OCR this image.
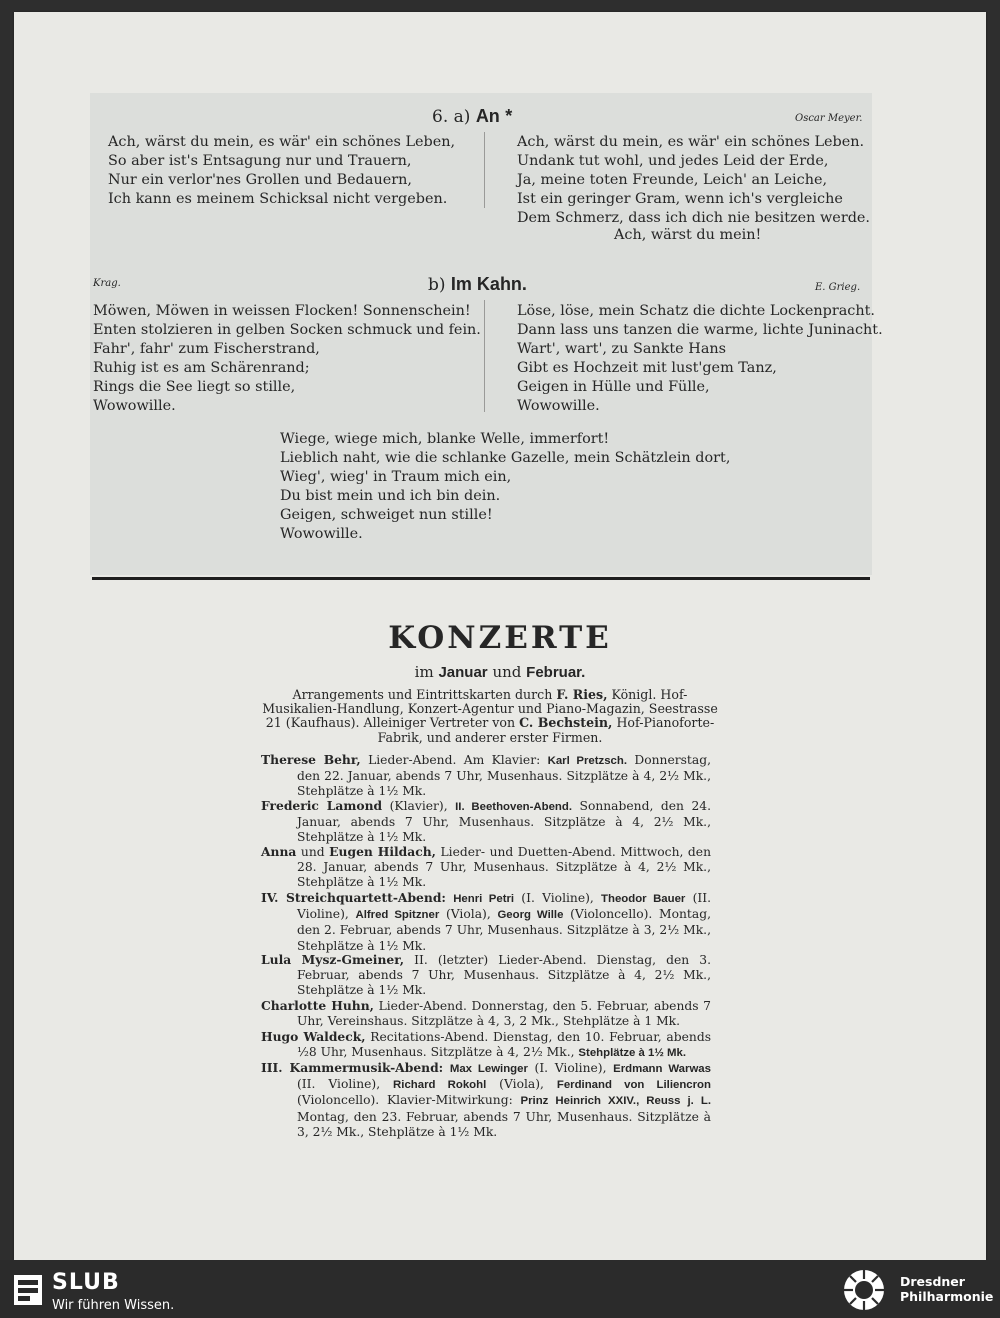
6. a) An *	Oscar Meyer.
Ach, wärst du mein, es wär' ein schönes Leben,
So aber ist's Entsagung nur und Trauern,
Nur ein verlor'nes Grollen und Bedauern,
Ich kann es meinem Schicksal nicht vergeben.
Ach, wärst du mein, es wär' ein schönes Leben.
Undank tut wohl, und jedes Leid der Erde,
Ja, meine toten Freunde, Leich' an Leiche,
Ist ein geringer Gram, wenn ich's vergleiche
Dem Schmerz, dass ich dich nie besitzen werde.
Ach, wärst du mein!
Krag.	b) Im Kahn.	E. Grieg.
Möwen, Möwen in weissen Flocken! Sonnenschein!
Enten stolzieren in gelben Socken schmuck und fein.
Fahr', fahr' zum Fischerstrand,
Ruhig ist es am Schärenrand;
Rings die See liegt so stille,
Wowowille.
Löse, löse, mein Schatz die dichte Lockenpracht.
Dann lass uns tanzen die warme, lichte Juninacht.
Wart', wart', zu Sankte Hans
Gibt es Hochzeit mit lust'gem Tanz,
Geigen in Hülle und Fülle,
Wowowille.
Wiege, wiege mich, blanke Welle, immerfort!
Lieblich naht, wie die schlanke Gazelle, mein Schätzlein dort,
Wieg', wieg' in Traum mich ein,
Du bist mein und ich bin dein.
Geigen, schweiget nun stille!
Wowowille.
KONZERTE
im Januar und Februar.
Arrangements und Eintrittskarten durch F. Ries, Königl. Hof-Musikalien-Handlung, Konzert-Agentur und Piano-Magazin, Seestrasse 21 (Kaufhaus). Alleiniger Vertreter von C. Bechstein, Hof-Pianoforte-Fabrik, und anderer erster Firmen.
Therese Behr, Lieder-Abend. Am Klavier: Karl Pretzsch. Donnerstag, den 22. Januar, abends 7 Uhr, Musenhaus. Sitzplätze à 4, 2½ Mk., Stehplätze à 1½ Mk.
Frederic Lamond (Klavier), II. Beethoven-Abend. Sonnabend, den 24. Januar, abends 7 Uhr, Musenhaus. Sitzplätze à 4, 2½ Mk., Stehplätze à 1½ Mk.
Anna und Eugen Hildach, Lieder- und Duetten-Abend. Mittwoch, den 28. Januar, abends 7 Uhr, Musenhaus. Sitzplätze à 4, 2½ Mk., Stehplätze à 1½ Mk.
IV. Streichquartett-Abend: Henri Petri (I. Violine), Theodor Bauer (II. Violine), Alfred Spitzner (Viola), Georg Wille (Violoncello). Montag, den 2. Februar, abends 7 Uhr, Musenhaus. Sitzplätze à 3, 2½ Mk., Stehplätze à 1½ Mk.
Lula Mysz-Gmeiner, II. (letzter) Lieder-Abend. Dienstag, den 3. Februar, abends 7 Uhr, Musenhaus. Sitzplätze à 4, 2½ Mk., Stehplätze à 1½ Mk.
Charlotte Huhn, Lieder-Abend. Donnerstag, den 5. Februar, abends 7 Uhr, Vereinshaus. Sitzplätze à 4, 3, 2 Mk., Stehplätze à 1 Mk.
Hugo Waldeck, Recitations-Abend. Dienstag, den 10. Februar, abends ½8 Uhr, Musenhaus. Sitzplätze à 4, 2½ Mk., Stehplätze à 1½ Mk.
III. Kammermusik-Abend: Max Lewinger (I. Violine), Erdmann Warwas (II. Violine), Richard Rokohl (Viola), Ferdinand von Liliencron (Violoncello). Klavier-Mitwirkung: Prinz Heinrich XXIV., Reuss j. L. Montag, den 23. Februar, abends 7 Uhr, Musenhaus. Sitzplätze à 3, 2½ Mk., Stehplätze à 1½ Mk.
SLUB
Wir führen Wissen.
Dresdner
Philharmonie
